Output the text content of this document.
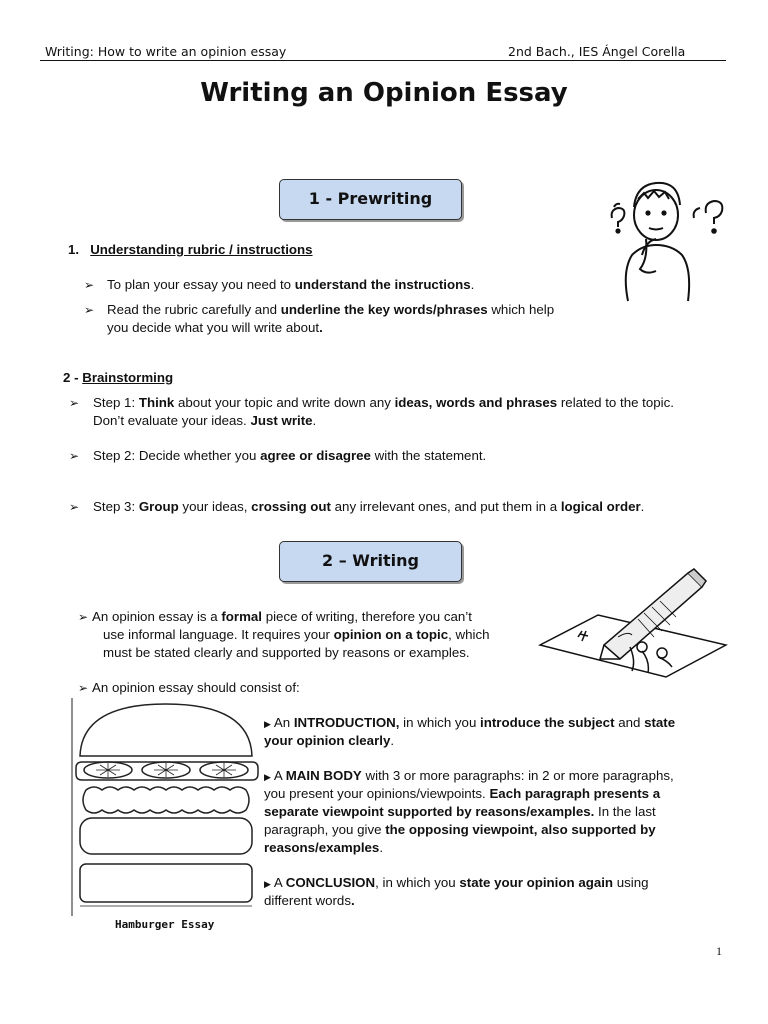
Writing: How to write an opinion essay	2nd Bach., IES Ángel Corella
Writing an Opinion Essay
1 - Prewriting
1. Understanding rubric / instructions
➢ To plan your essay you need to understand the instructions.
➢ Read the rubric carefully and underline the key words/phrases which help
you decide what you will write about.
2 - Brainstorming
➢ Step 1: Think about your topic and write down any ideas, words and phrases related to the topic.
Don’t evaluate your ideas. Just write.
➢ Step 2: Decide whether you agree or disagree with the statement.
➢ Step 3: Group your ideas, crossing out any irrelevant ones, and put them in a logical order.
2 – Writing
➢ An opinion essay is a formal piece of writing, therefore you can’t
use informal language. It requires your opinion on a topic, which
must be stated clearly and supported by reasons or examples.
➢ An opinion essay should consist of:
Hamburger Essay
▶ An INTRODUCTION, in which you introduce the subject and state
your opinion clearly.
▶ A MAIN BODY with 3 or more paragraphs: in 2 or more paragraphs,
you present your opinions/viewpoints. Each paragraph presents a
separate viewpoint supported by reasons/examples. In the last
paragraph, you give the opposing viewpoint, also supported by
reasons/examples.
▶ A CONCLUSION, in which you state your opinion again using
different words.
1
